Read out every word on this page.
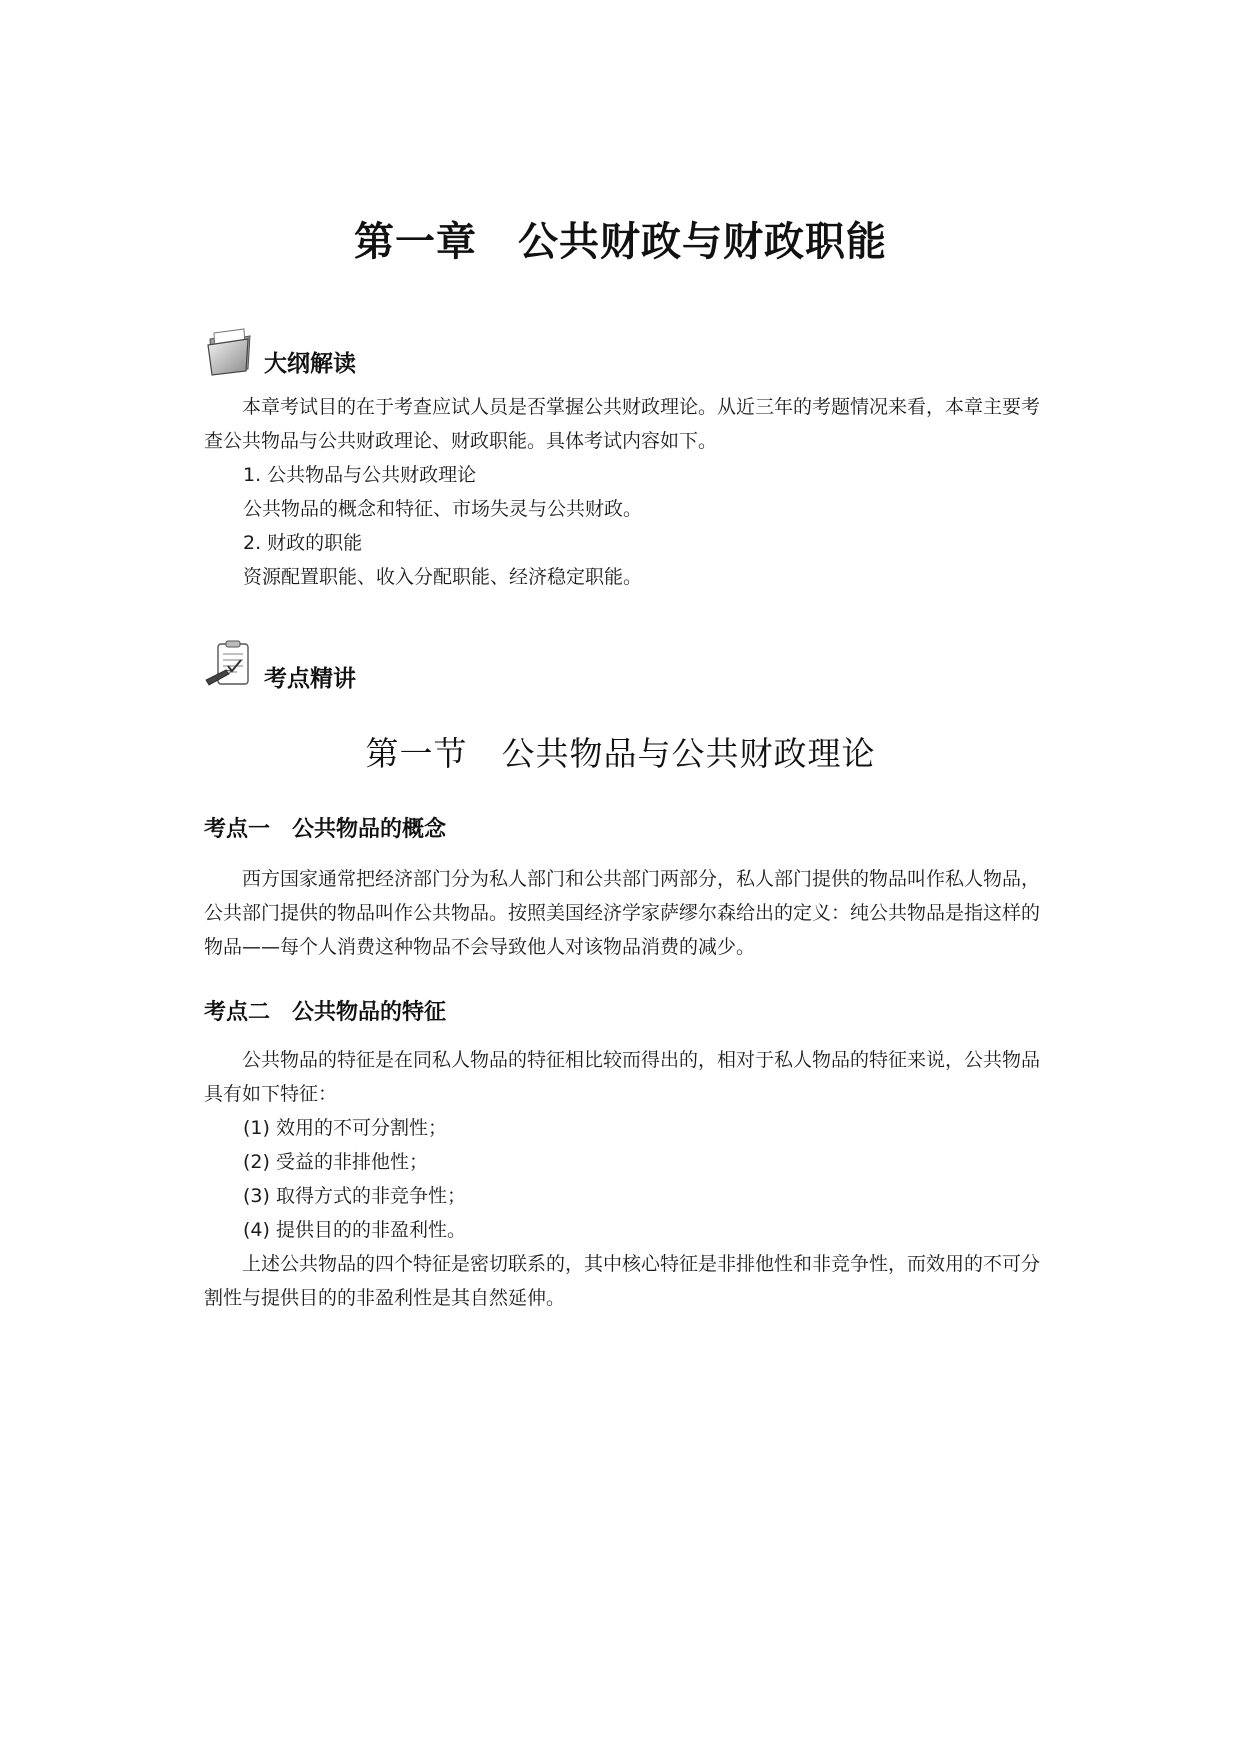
第一章　公共财政与财政职能
大纲解读

本章考试目的在于考查应试人员是否掌握公共财政理论。从近三年的考题情况来看，本章主要考查公共物品与公共财政理论、财政职能。具体考试内容如下。

1. 公共物品与公共财政理论
公共物品的概念和特征、市场失灵与公共财政。
2. 财政的职能
资源配置职能、收入分配职能、经济稳定职能。
考点精讲
第一节　公共物品与公共财政理论
考点一　公共物品的概念

西方国家通常把经济部门分为私人部门和公共部门两部分，私人部门提供的物品叫作私人物品，公共部门提供的物品叫作公共物品。按照美国经济学家萨缪尔森给出的定义：纯公共物品是指这样的物品——每个人消费这种物品不会导致他人对该物品消费的减少。

考点二　公共物品的特征

公共物品的特征是在同私人物品的特征相比较而得出的，相对于私人物品的特征来说，公共物品具有如下特征：

(1) 效用的不可分割性；
(2) 受益的非排他性；
(3) 取得方式的非竞争性；
(4) 提供目的的非盈利性。

上述公共物品的四个特征是密切联系的，其中核心特征是非排他性和非竞争性，而效用的不可分割性与提供目的的非盈利性是其自然延伸。
